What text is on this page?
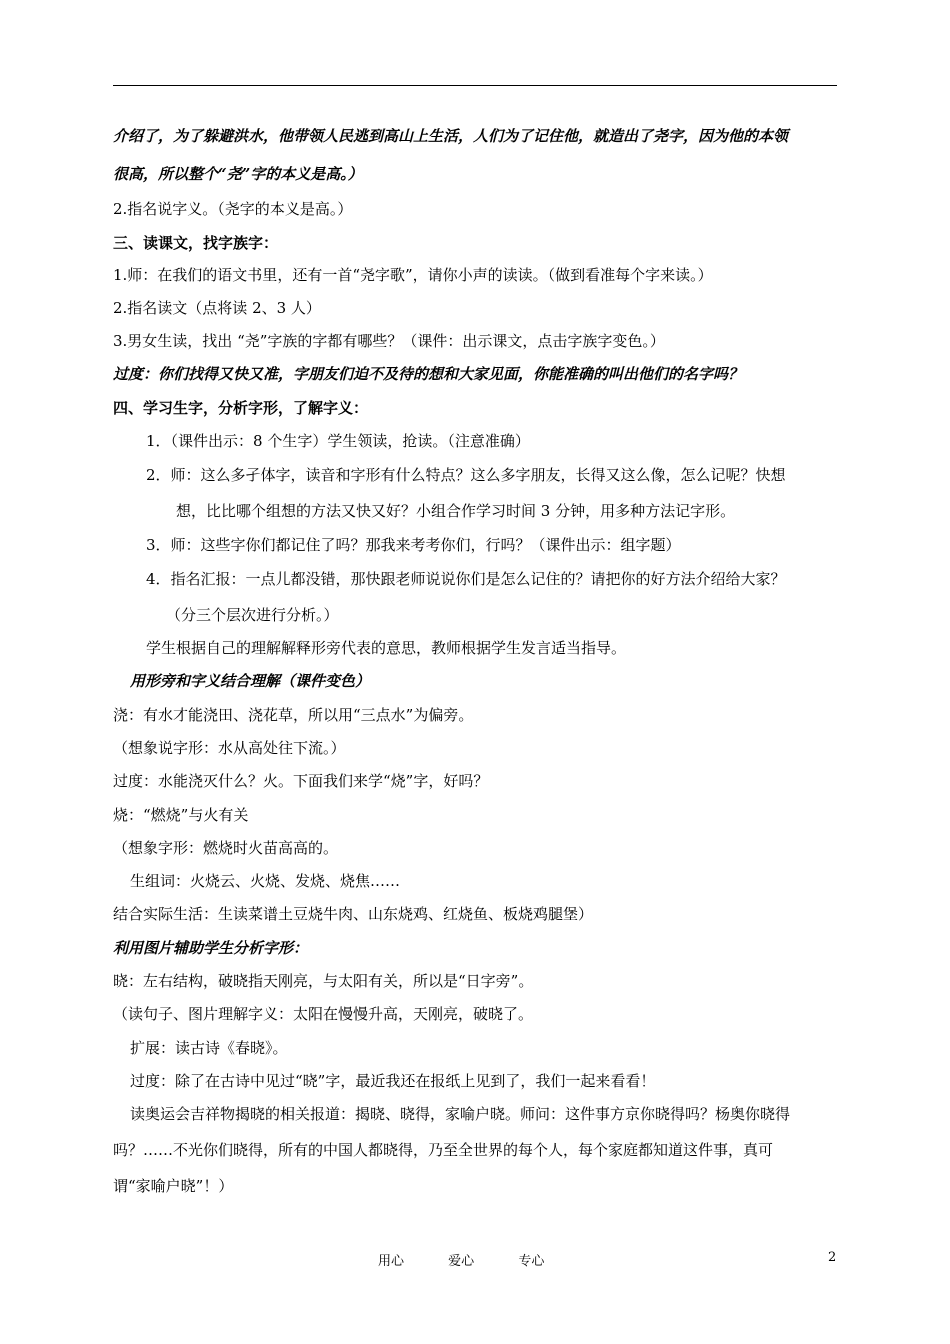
介绍了，为了躲避洪水，他带领人民逃到高山上生活，人们为了记住他，就造出了尧字，因为他的本领
很高，所以整个“尧”字的本义是高。）
2.指名说字义。（尧字的本义是高。）
三、读课文，找字族字：
1.师：在我们的语文书里，还有一首“尧字歌”，请你小声的读读。（做到看准每个字来读。）
2.指名读文（点将读 2、3 人）
3.男女生读，找出 “尧”字族的字都有哪些？（课件：出示课文，点击字族字变色。）
过度：你们找得又快又准，字朋友们迫不及待的想和大家见面，你能准确的叫出他们的名字吗？
四、学习生字，分析字形，了解字义：
1．（课件出示：8 个生字）学生领读，抢读。（注意准确）
2．师：这么多孑体字，读音和字形有什么特点？这么多字朋友，长得又这么像，怎么记呢？快想
想，比比哪个组想的方法又快又好？小组合作学习时间 3 分钟，用多种方法记字形。
3．师：这些字你们都记住了吗？那我来考考你们，行吗？（课件出示：组字题）
4．指名汇报：一点儿都没错，那快跟老师说说你们是怎么记住的？请把你的好方法介绍给大家？
（分三个层次进行分析。）
学生根据自己的理解解释形旁代表的意思，教师根据学生发言适当指导。
用形旁和字义结合理解（课件变色）
浇：有水才能浇田、浇花草，所以用“三点水”为偏旁。
（想象说字形：水从高处往下流。）
过度：水能浇灭什么？火。下面我们来学“烧”字，好吗？
烧：“燃烧”与火有关
（想象字形：燃烧时火苗高高的。
生组词：火烧云、火烧、发烧、烧焦……
结合实际生活：生读菜谱土豆烧牛肉、山东烧鸡、红烧鱼、板烧鸡腿堡）
利用图片辅助学生分析字形：
晓：左右结构，破晓指天刚亮，与太阳有关，所以是“日字旁”。
（读句子、图片理解字义：太阳在慢慢升高，天刚亮，破晓了。
扩展：读古诗《春晓》。
过度：除了在古诗中见过“晓”字，最近我还在报纸上见到了，我们一起来看看！
读奥运会吉祥物揭晓的相关报道：揭晓、晓得，家喻户晓。师问：这件事方京你晓得吗？杨奥你晓得
吗？……不光你们晓得，所有的中国人都晓得，乃至全世界的每个人，每个家庭都知道这件事，真可
谓“家喻户晓”！）
用心	爱心	专心	2
